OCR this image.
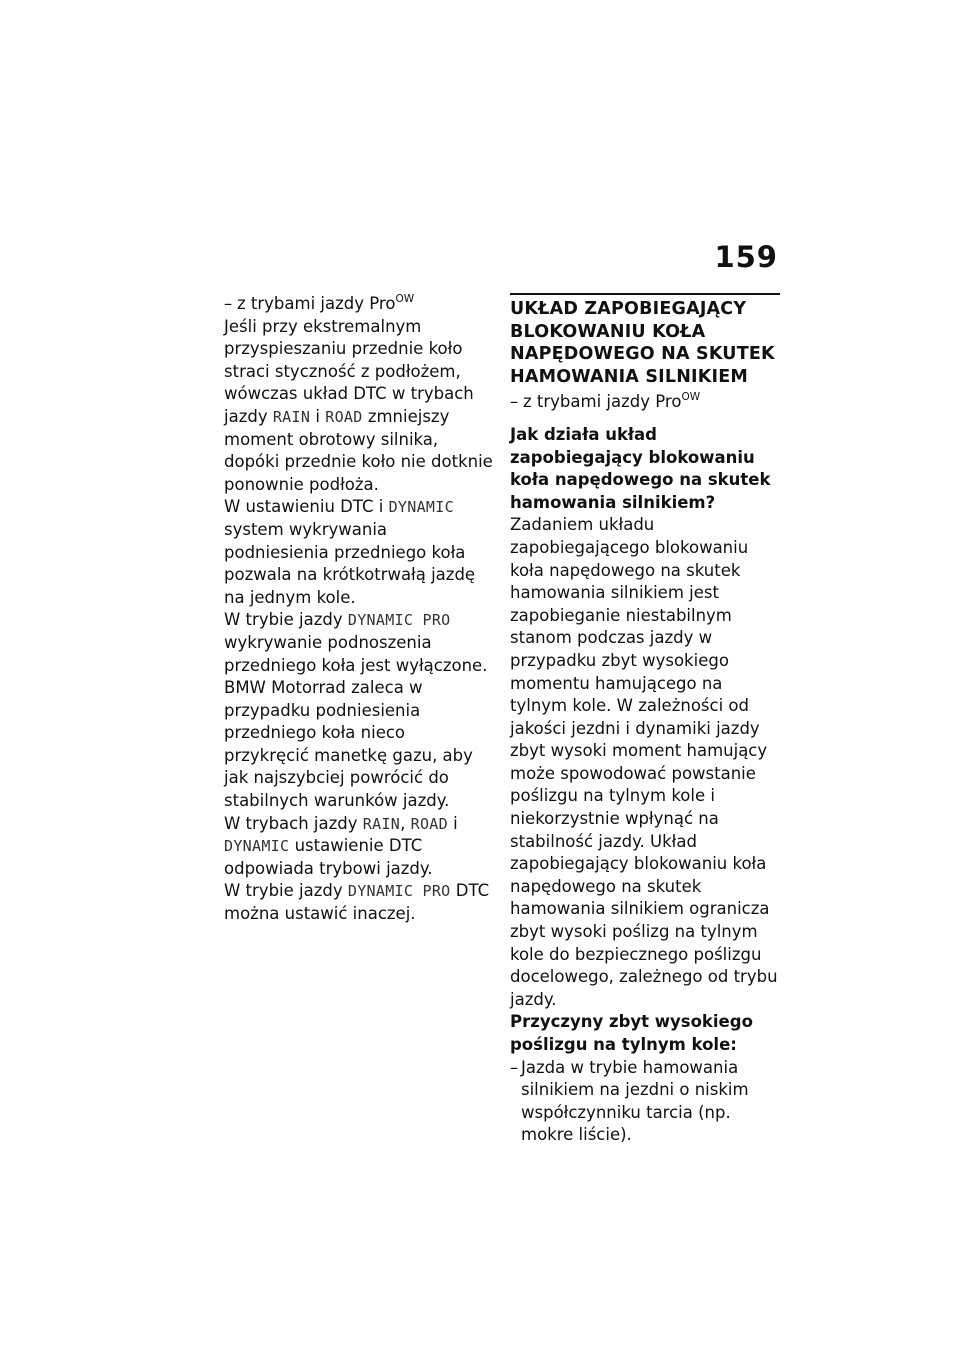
159
– z trybami jazdy Pro$^{OW}$

Jeśli przy ekstremalnym przyspieszaniu przednie koło straci styczność z podłożem, wówczas układ DTC w trybach jazdy RAIN i ROAD zmniejszy moment obrotowy silnika, dopóki przednie koło nie dotknie ponownie podłoża.

W ustawieniu DTC i DYNAMIC system wykrywania podniesienia przedniego koła pozwala na krótkotrwałą jazdę na jednym kole.

W trybie jazdy DYNAMIC PRO wykrywanie podnoszenia przedniego koła jest wyłączone. BMW Motorrad zaleca w przypadku podniesienia przedniego koła nieco przykręcić manetkę gazu, aby jak najszybciej powrócić do stabilnych warunków jazdy.

W trybach jazdy RAIN, ROAD i DYNAMIC ustawienie DTC odpowiada trybowi jazdy.

W trybie jazdy DYNAMIC PRO DTC można ustawić inaczej.

UKŁAD ZAPOBIEGAJĄCY BLOKOWANIU KOŁA NAPĘDOWEGO NA SKUTEK HAMOWANIA SILNIKIEM
– z trybami jazdy Pro$^{OW}$

Jak działa układ zapobiegający blokowaniu koła napędowego na skutek hamowania silnikiem?

Zadaniem układu zapobiegającego blokowaniu koła napędowego na skutek hamowania silnikiem jest zapobieganie niestabilnym stanom podczas jazdy w przypadku zbyt wysokiego momentu hamującego na tylnym kole. W zależności od jakości jezdni i dynamiki jazdy zbyt wysoki moment hamujący może spowodować powstanie poślizgu na tylnym kole i niekorzystnie wpłynąć na stabilność jazdy. Układ zapobiegający blokowaniu koła napędowego na skutek hamowania silnikiem ogranicza zbyt wysoki poślizg na tylnym kole do bezpiecznego poślizgu docelowego, zależnego od trybu jazdy.

Przyczyny zbyt wysokiego poślizgu na tylnym kole:

– Jazda w trybie hamowania silnikiem na jezdni o niskim współczynniku tarcia (np. mokre liście).
